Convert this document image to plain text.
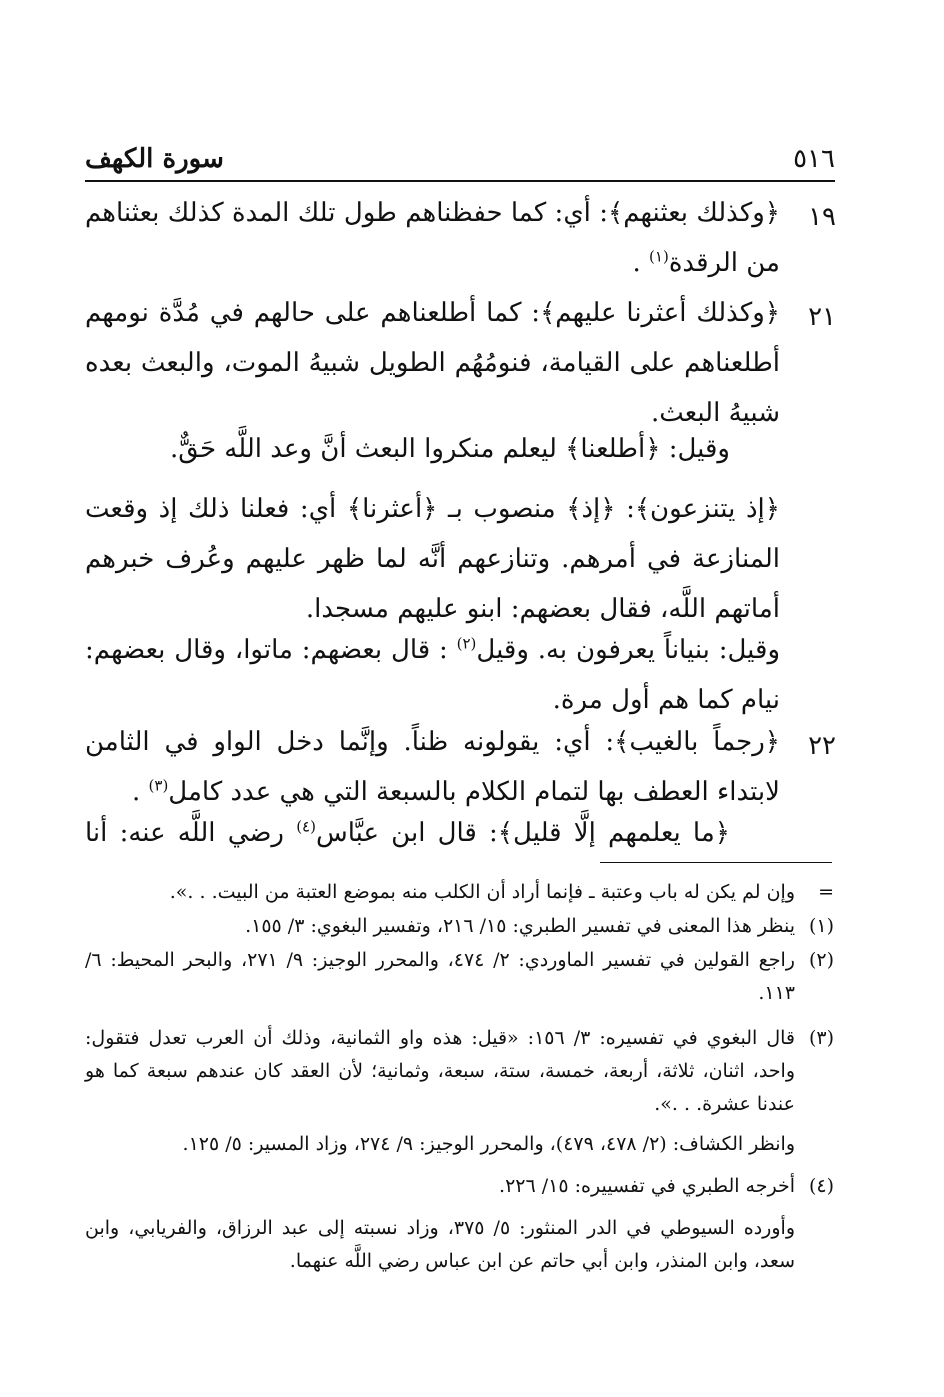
٥١٦
سورة الكهف
١٩
﴿وكذلك بعثنهم﴾: أي: كما حفظناهم طول تلك المدة كذلك بعثناهم من الرقدة$^{(١)}$ .
٢١
﴿وكذلك أعثرنا عليهم﴾: كما أطلعناهم على حالهم في مُدَّة نومهم أطلعناهم على القيامة، فنومُهُم الطويل شبيهُ الموت، والبعث بعده شبيهُ البعث.
وقيل: ﴿أطلعنا﴾ ليعلم منكروا البعث أنَّ وعد اللَّه حَقٌّ.
﴿إذ يتنزعون﴾: ﴿إذ﴾ منصوب بـ ﴿أعثرنا﴾ أي: فعلنا ذلك إذ وقعت المنازعة في أمرهم. وتنازعهم أنَّه لما ظهر عليهم وعُرف خبرهم أماتهم اللَّه، فقال بعضهم: ابنو عليهم مسجدا.
وقيل: بنياناً يعرفون به. وقيل$^{(٢)}$ : قال بعضهم: ماتوا، وقال بعضهم: نيام كما هم أول مرة.
٢٢
﴿رجماً بالغيب﴾: أي: يقولونه ظناً. وإنَّما دخل الواو في الثامن لابتداء العطف بها لتمام الكلام بالسبعة التي هي عدد كامل$^{(٣)}$ .
﴿ما يعلمهم إلَّا قليل﴾: قال ابن عبَّاس$^{(٤)}$ رضي اللَّه عنه: أنا
=
وإن لم يكن له باب وعتبة ـ فإنما أراد أن الكلب منه بموضع العتبة من البيت. . .».
(١)
ينظر هذا المعنى في تفسير الطبري: ١٥/ ٢١٦، وتفسير البغوي: ٣/ ١٥٥.
(٢)
راجع القولين في تفسير الماوردي: ٢/ ٤٧٤، والمحرر الوجيز: ٩/ ٢٧١، والبحر المحيط: ٦/ ١١٣.
(٣)
قال البغوي في تفسيره: ٣/ ١٥٦: «قيل: هذه واو الثمانية، وذلك أن العرب تعدل فتقول: واحد، اثنان، ثلاثة، أربعة، خمسة، ستة، سبعة، وثمانية؛ لأن العقد كان عندهم سبعة كما هو عندنا عشرة. . .».
وانظر الكشاف: (٢/ ٤٧٨، ٤٧٩)، والمحرر الوجيز: ٩/ ٢٧٤، وزاد المسير: ٥/ ١٢٥.
(٤)
أخرجه الطبري في تفسييره: ١٥/ ٢٢٦.
وأورده السيوطي في الدر المنثور: ٥/ ٣٧٥، وزاد نسبته إلى عبد الرزاق، والفريابي، وابن سعد، وابن المنذر، وابن أبي حاتم عن ابن عباس رضي اللَّه عنهما.
